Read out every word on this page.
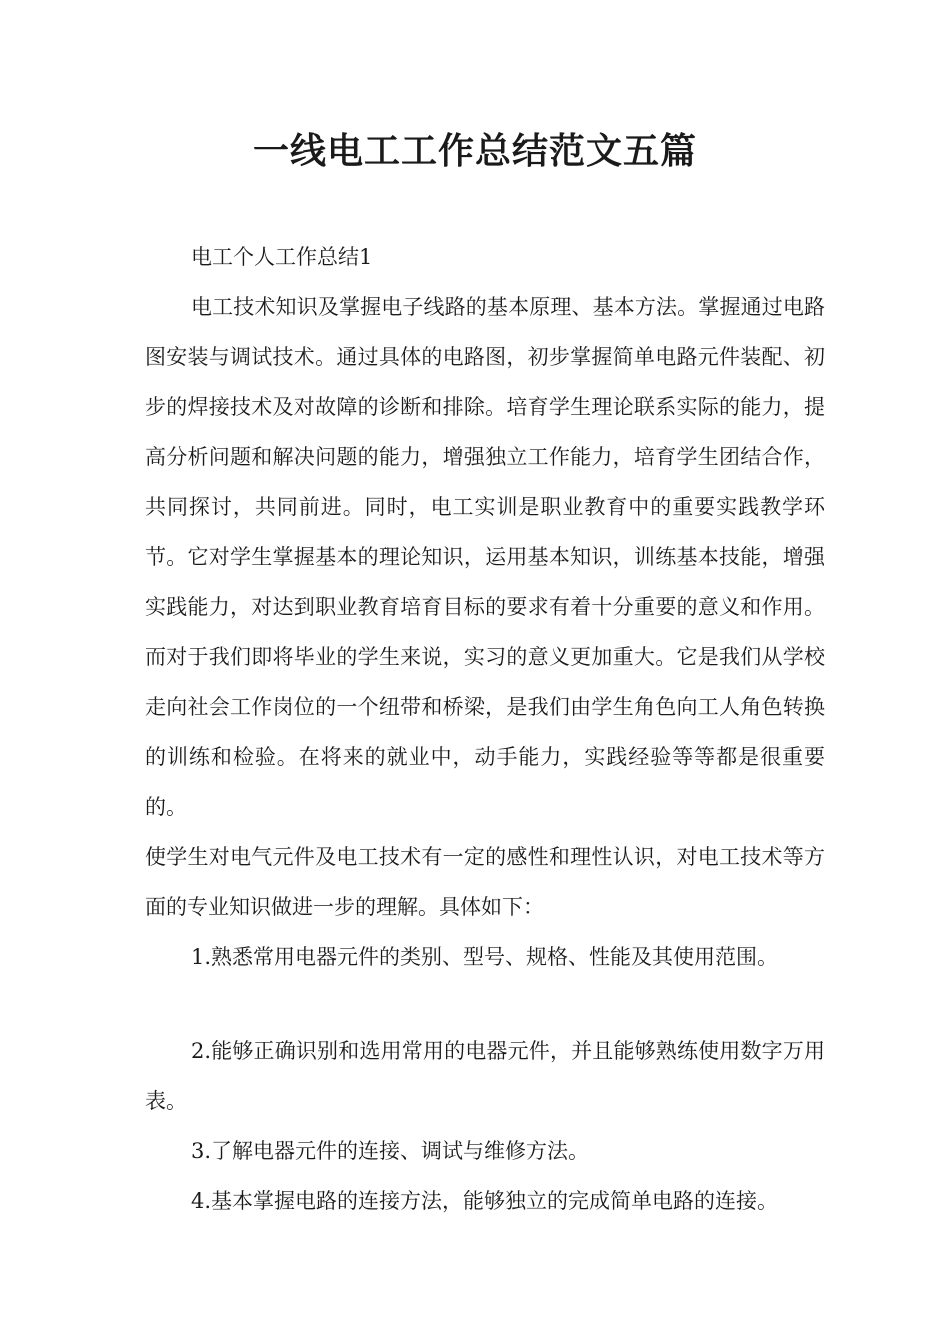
一线电工工作总结范文五篇

电工个人工作总结1

电工技术知识及掌握电子线路的基本原理、基本方法。掌握通过电路图安装与调试技术。通过具体的电路图，初步掌握简单电路元件装配、初步的焊接技术及对故障的诊断和排除。培育学生理论联系实际的能力，提高分析问题和解决问题的能力，增强独立工作能力，培育学生团结合作，共同探讨，共同前进。同时，电工实训是职业教育中的重要实践教学环节。它对学生掌握基本的理论知识，运用基本知识，训练基本技能，增强实践能力，对达到职业教育培育目标的要求有着十分重要的意义和作用。而对于我们即将毕业的学生来说，实习的意义更加重大。它是我们从学校走向社会工作岗位的一个纽带和桥梁，是我们由学生角色向工人角色转换的训练和检验。在将来的就业中，动手能力，实践经验等等都是很重要的。

使学生对电气元件及电工技术有一定的感性和理性认识，对电工技术等方面的专业知识做进一步的理解。具体如下：

1.熟悉常用电器元件的类别、型号、规格、性能及其使用范围。

2.能够正确识别和选用常用的电器元件，并且能够熟练使用数字万用表。

3.了解电器元件的连接、调试与维修方法。

4.基本掌握电路的连接方法，能够独立的完成简单电路的连接。
